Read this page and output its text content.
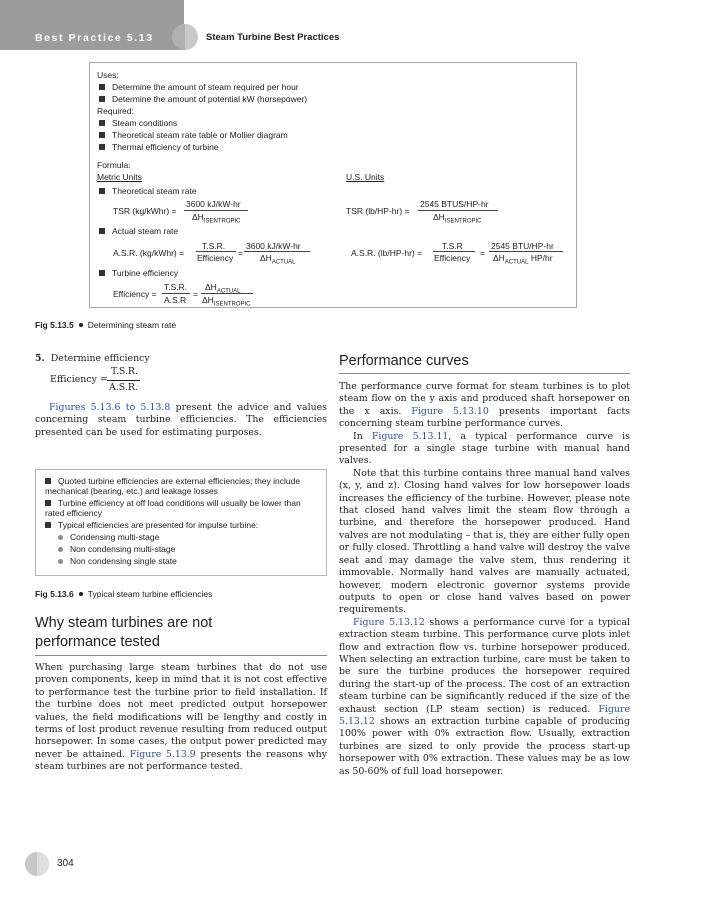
Best Practice 5.13	Steam Turbine Best Practices
Uses:
Determine the amount of steam required per hour
Determine the amount of potential kW (horsepower)
Required:
Steam conditions
Theoretical steam rate table or Mollier diagram
Thermal efficiency of turbine
Formula:
Metric Units	U.S. Units
Theoretical steam rate
TSR (kg/kWhr) =
3600 kJ/kW-hr
$\Delta H_{ISENTROPIC}$
TSR (lb/HP-hr) =
2545 BTUS/HP-hr
$\Delta H_{ISENTROPIC}$
Actual steam rate
A.S.R. (kg/kWhr) =
T.S.R.
Efficiency =
3600 kJ/kW-hr
$\Delta H_{ACTUAL}$
A.S.R. (lb/HP-hr) =
T.S.R
Efficiency =
2545 BTU/HP-hr
$\Delta H_{ACTUAL}$ HP/hr
Turbine efficiency
Efficiency =
T.S.R.
A.S.R
=
$\Delta H_{ACTUAL}$
$\Delta H_{ISENTROPIC}$
Fig 5.13.5 Determining steam rate
5. Determine efficiency
Efficiency =
T.S.R.
A.S.R.

Figures 5.13.6 to 5.13.8 present the advice and values concerning steam turbine efficiencies. The efficiencies presented can be used for estimating purposes.

Quoted turbine efficiencies are external efficiencies; they include mechanical (bearing, etc.) and leakage losses
Turbine efficiency at off load conditions will usually be lower than rated efficiency
Typical efficiencies are presented for impulse turbine:
Condensing multi-stage
Non condensing multi-stage
Non condensing single state
Fig 5.13.6 Typical steam turbine efficiencies
Why steam turbines are not
performance tested

When purchasing large steam turbines that do not use proven components, keep in mind that it is not cost effective to performance test the turbine prior to field installation. If the turbine does not meet predicted output horsepower values, the field modifications will be lengthy and costly in terms of lost product revenue resulting from reduced output horsepower. In some cases, the output power predicted may never be attained. Figure 5.13.9 presents the reasons why steam turbines are not performance tested.

Performance curves

The performance curve format for steam turbines is to plot steam flow on the y axis and produced shaft horsepower on the x axis. Figure 5.13.10 presents important facts concerning steam turbine performance curves.

In Figure 5.13.11, a typical performance curve is presented for a single stage turbine with manual hand valves.

Note that this turbine contains three manual hand valves (x, y, and z). Closing hand valves for low horsepower loads increases the efficiency of the turbine. However, please note that closed hand valves limit the steam flow through a turbine, and therefore the horsepower produced. Hand valves are not modulating – that is, they are either fully open or fully closed. Throttling a hand valve will destroy the valve seat and may damage the valve stem, thus rendering it immovable. Normally hand valves are manually actuated, however, modern electronic governor systems provide outputs to open or close hand valves based on power requirements.

Figure 5.13.12 shows a performance curve for a typical extraction steam turbine. This performance curve plots inlet flow and extraction flow vs. turbine horsepower produced. When selecting an extraction turbine, care must be taken to be sure the turbine produces the horsepower required during the start-up of the process. The cost of an extraction steam turbine can be significantly reduced if the size of the exhaust section (LP steam section) is reduced. Figure 5.13.12 shows an extraction turbine capable of producing 100% power with 0% extraction flow. Usually, extraction turbines are sized to only provide the process start-up horsepower with 0% extraction. These values may be as low as 50-60% of full load horsepower.

304
